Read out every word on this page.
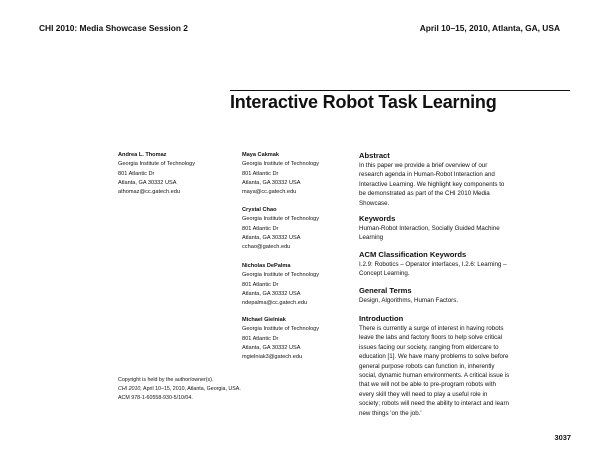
CHI 2010: Media Showcase Session 2	April 10–15, 2010, Atlanta, GA, USA
Interactive Robot Task Learning
Andrea L. Thomaz
Georgia Institute of Technology
801 Atlantic Dr
Atlanta, GA 30332 USA
athomaz@cc.gatech.edu
Maya Cakmak
Georgia Institute of Technology
801 Atlantic Dr
Atlanta, GA 30332 USA
maya@cc.gatech.edu
Crystal Chao
Georgia Institute of Technology
801 Atlantic Dr
Atlanta, GA 30332 USA
cchao@gatech.edu
Nicholas DePalma
Georgia Institute of Technology
801 Atlantic Dr
Atlanta, GA 30332 USA
ndepalma@cc.gatech.edu
Michael Gielniak
Georgia Institute of Technology
801 Atlantic Dr
Atlanta, GA 30332 USA
mgielniak3@gatech.edu
Copyright is held by the author/owner(s).
CHI 2010, April 10–15, 2010, Atlanta, Georgia, USA.
ACM 978-1-60558-930-5/10/04.
Abstract

In this paper we provide a brief overview of our
research agenda in Human-Robot Interaction and
Interactive Learning. We highlight key components to
be demonstrated as part of the CHI 2010 Media
Showcase.

Keywords

Human-Robot Interaction, Socially Guided Machine
Learning

ACM Classification Keywords

I.2.9: Robotics – Operator interfaces, I.2.6: Learning –
Concept Learning.

General Terms

Design, Algorithms, Human Factors.

Introduction

There is currently a surge of interest in having robots
leave the labs and factory floors to help solve critical
issues facing our society, ranging from eldercare to
education [1]. We have many problems to solve before
general purpose robots can function in, inherently
social, dynamic human environments. A critical issue is
that we will not be able to pre-program robots with
every skill they will need to play a useful role in
society; robots will need the ability to interact and learn
new things 'on the job.'

3037
